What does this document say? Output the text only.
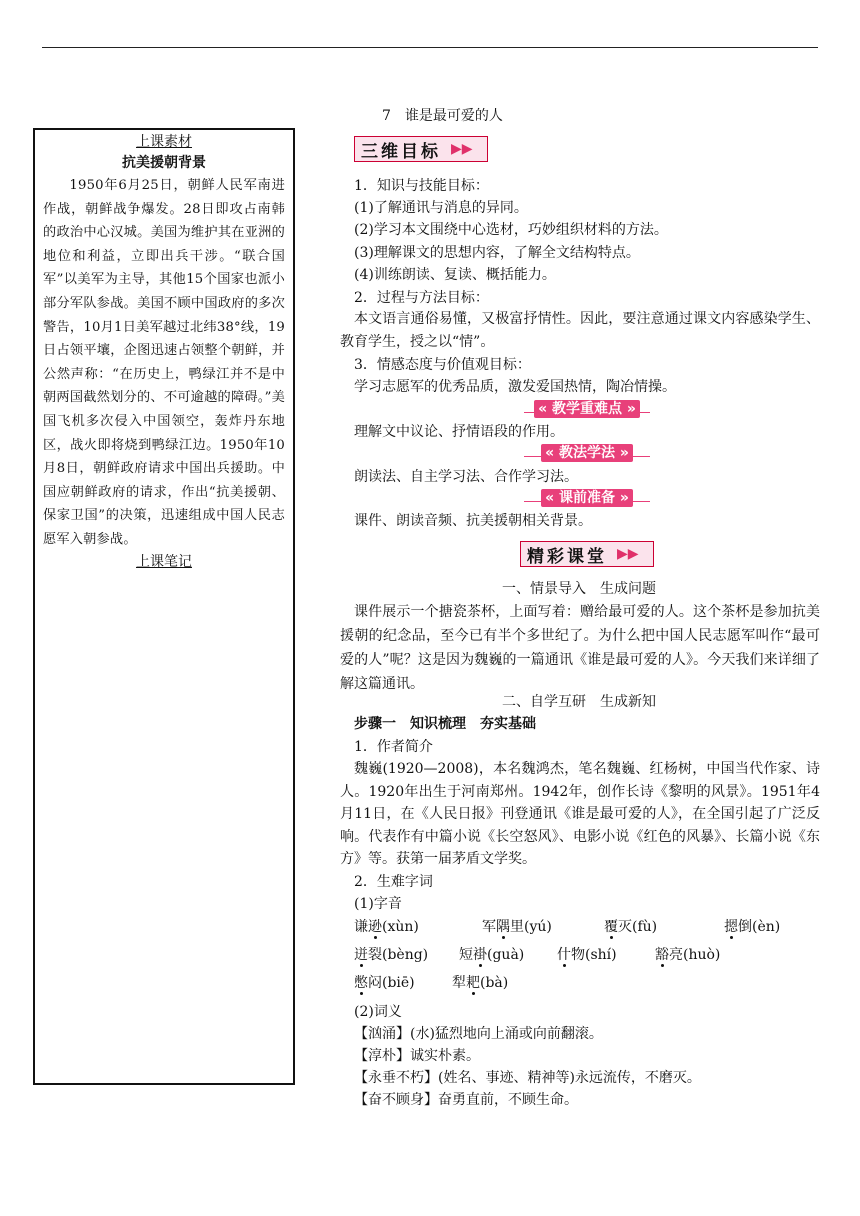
上课素材
抗美援朝背景

1950年6月25日，朝鲜人民军南进作战，朝鲜战争爆发。28日即攻占南韩的政治中心汉城。美国为维护其在亚洲的地位和利益，立即出兵干涉。“联合国军”以美军为主导，其他15个国家也派小部分军队参战。美国不顾中国政府的多次警告，10月1日美军越过北纬38°线，19日占领平壤，企图迅速占领整个朝鲜，并公然声称：“在历史上，鸭绿江并不是中朝两国截然划分的、不可逾越的障碍。”美国飞机多次侵入中国领空，轰炸丹东地区，战火即将烧到鸭绿江边。1950年10月8日，朝鲜政府请求中国出兵援助。中国应朝鲜政府的请求，作出“抗美援朝、保家卫国”的决策，迅速组成中国人民志愿军入朝参战。

上课笔记
7　谁是最可爱的人
三维目标 ▶▶
1．知识与技能目标：
(1)了解通讯与消息的异同。
(2)学习本文围绕中心选材，巧妙组织材料的方法。
(3)理解课文的思想内容，了解全文结构特点。
(4)训练朗读、复读、概括能力。
2．过程与方法目标：

本文语言通俗易懂，又极富抒情性。因此，要注意通过课文内容感染学生、教育学生，授之以“情”。

3．情感态度与价值观目标：
学习志愿军的优秀品质，激发爱国热情，陶冶情操。
« 教学重难点 »
理解文中议论、抒情语段的作用。
« 教法学法 »
朗读法、自主学习法、合作学习法。
« 课前准备 »
课件、朗读音频、抗美援朝相关背景。
精彩课堂 ▶▶
一、情景导入　生成问题

课件展示一个搪瓷茶杯，上面写着：赠给最可爱的人。这个茶杯是参加抗美援朝的纪念品，至今已有半个多世纪了。为什么把中国人民志愿军叫作“最可爱的人”呢？这是因为魏巍的一篇通讯《谁是最可爱的人》。今天我们来详细了解这篇通讯。

二、自学互研　生成新知
步骤一　知识梳理　夯实基础
1．作者简介

魏巍(1920—2008)，本名魏鸿杰，笔名魏巍、红杨树，中国当代作家、诗人。1920年出生于河南郑州。1942年，创作长诗《黎明的风景》。1951年4月11日，在《人民日报》刊登通讯《谁是最可爱的人》，在全国引起了广泛反响。代表作有中篇小说《长空怒风》、电影小说《红色的风暴》、长篇小说《东方》等。获第一届茅盾文学奖。

2．生难字词
(1)字音
谦逊(xùn)	军隅里(yú)	覆灭(fù)	摁倒(èn)
迸裂(bèng) 短褂(guà) 什物(shí)	豁亮(huò)
憋闷(biē)	犁耙(bà)
(2)词义
【汹涌】(水)猛烈地向上涌或向前翻滚。
【淳朴】诚实朴素。
【永垂不朽】(姓名、事迹、精神等)永远流传，不磨灭。
【奋不顾身】奋勇直前，不顾生命。
